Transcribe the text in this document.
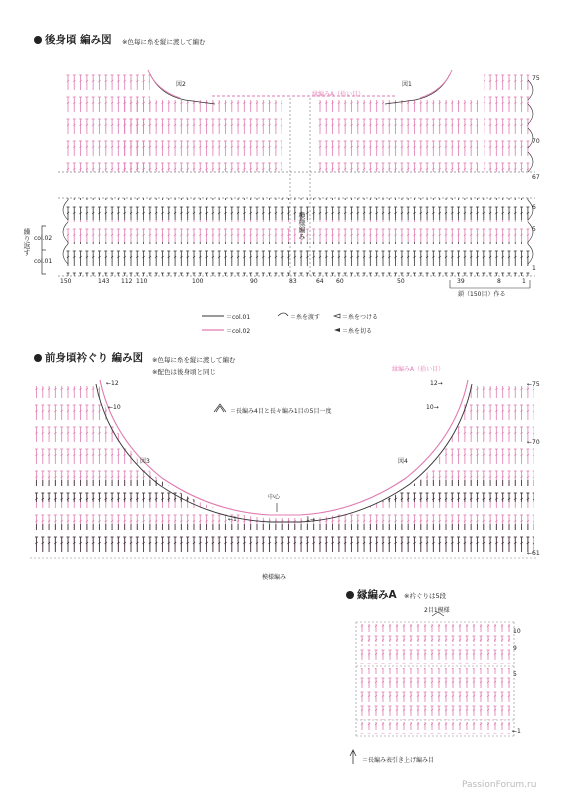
後身頃 編み図 ※色毎に糸を縦に渡して編む
図2	図1
縁編みA（拾い目）
模様編み
繰り返す col.02
col.01
鎖（150目）作る
75
70
67
6
5
1
150	143 112 110	100	90	83	64 60	50	39	8	1
＝col.01
＝col.02
＝糸を渡す	＝糸をつける
＝糸を切る
前身頃衿ぐり 編み図 ※色毎に糸を縦に渡して編む
※配色は後身頃と同じ	縁編みA（拾い目）
＝長編み4目と長々編み1目の5目一度
図3	図4
中心
模様編み
←12
←10
12→
10→
←75
←70
←61
←1	1→
縁編みA ※衿ぐりは5段
2目1模様
10
9
5
←1
＝長編み表引き上げ編み目
PassionForum.ru
